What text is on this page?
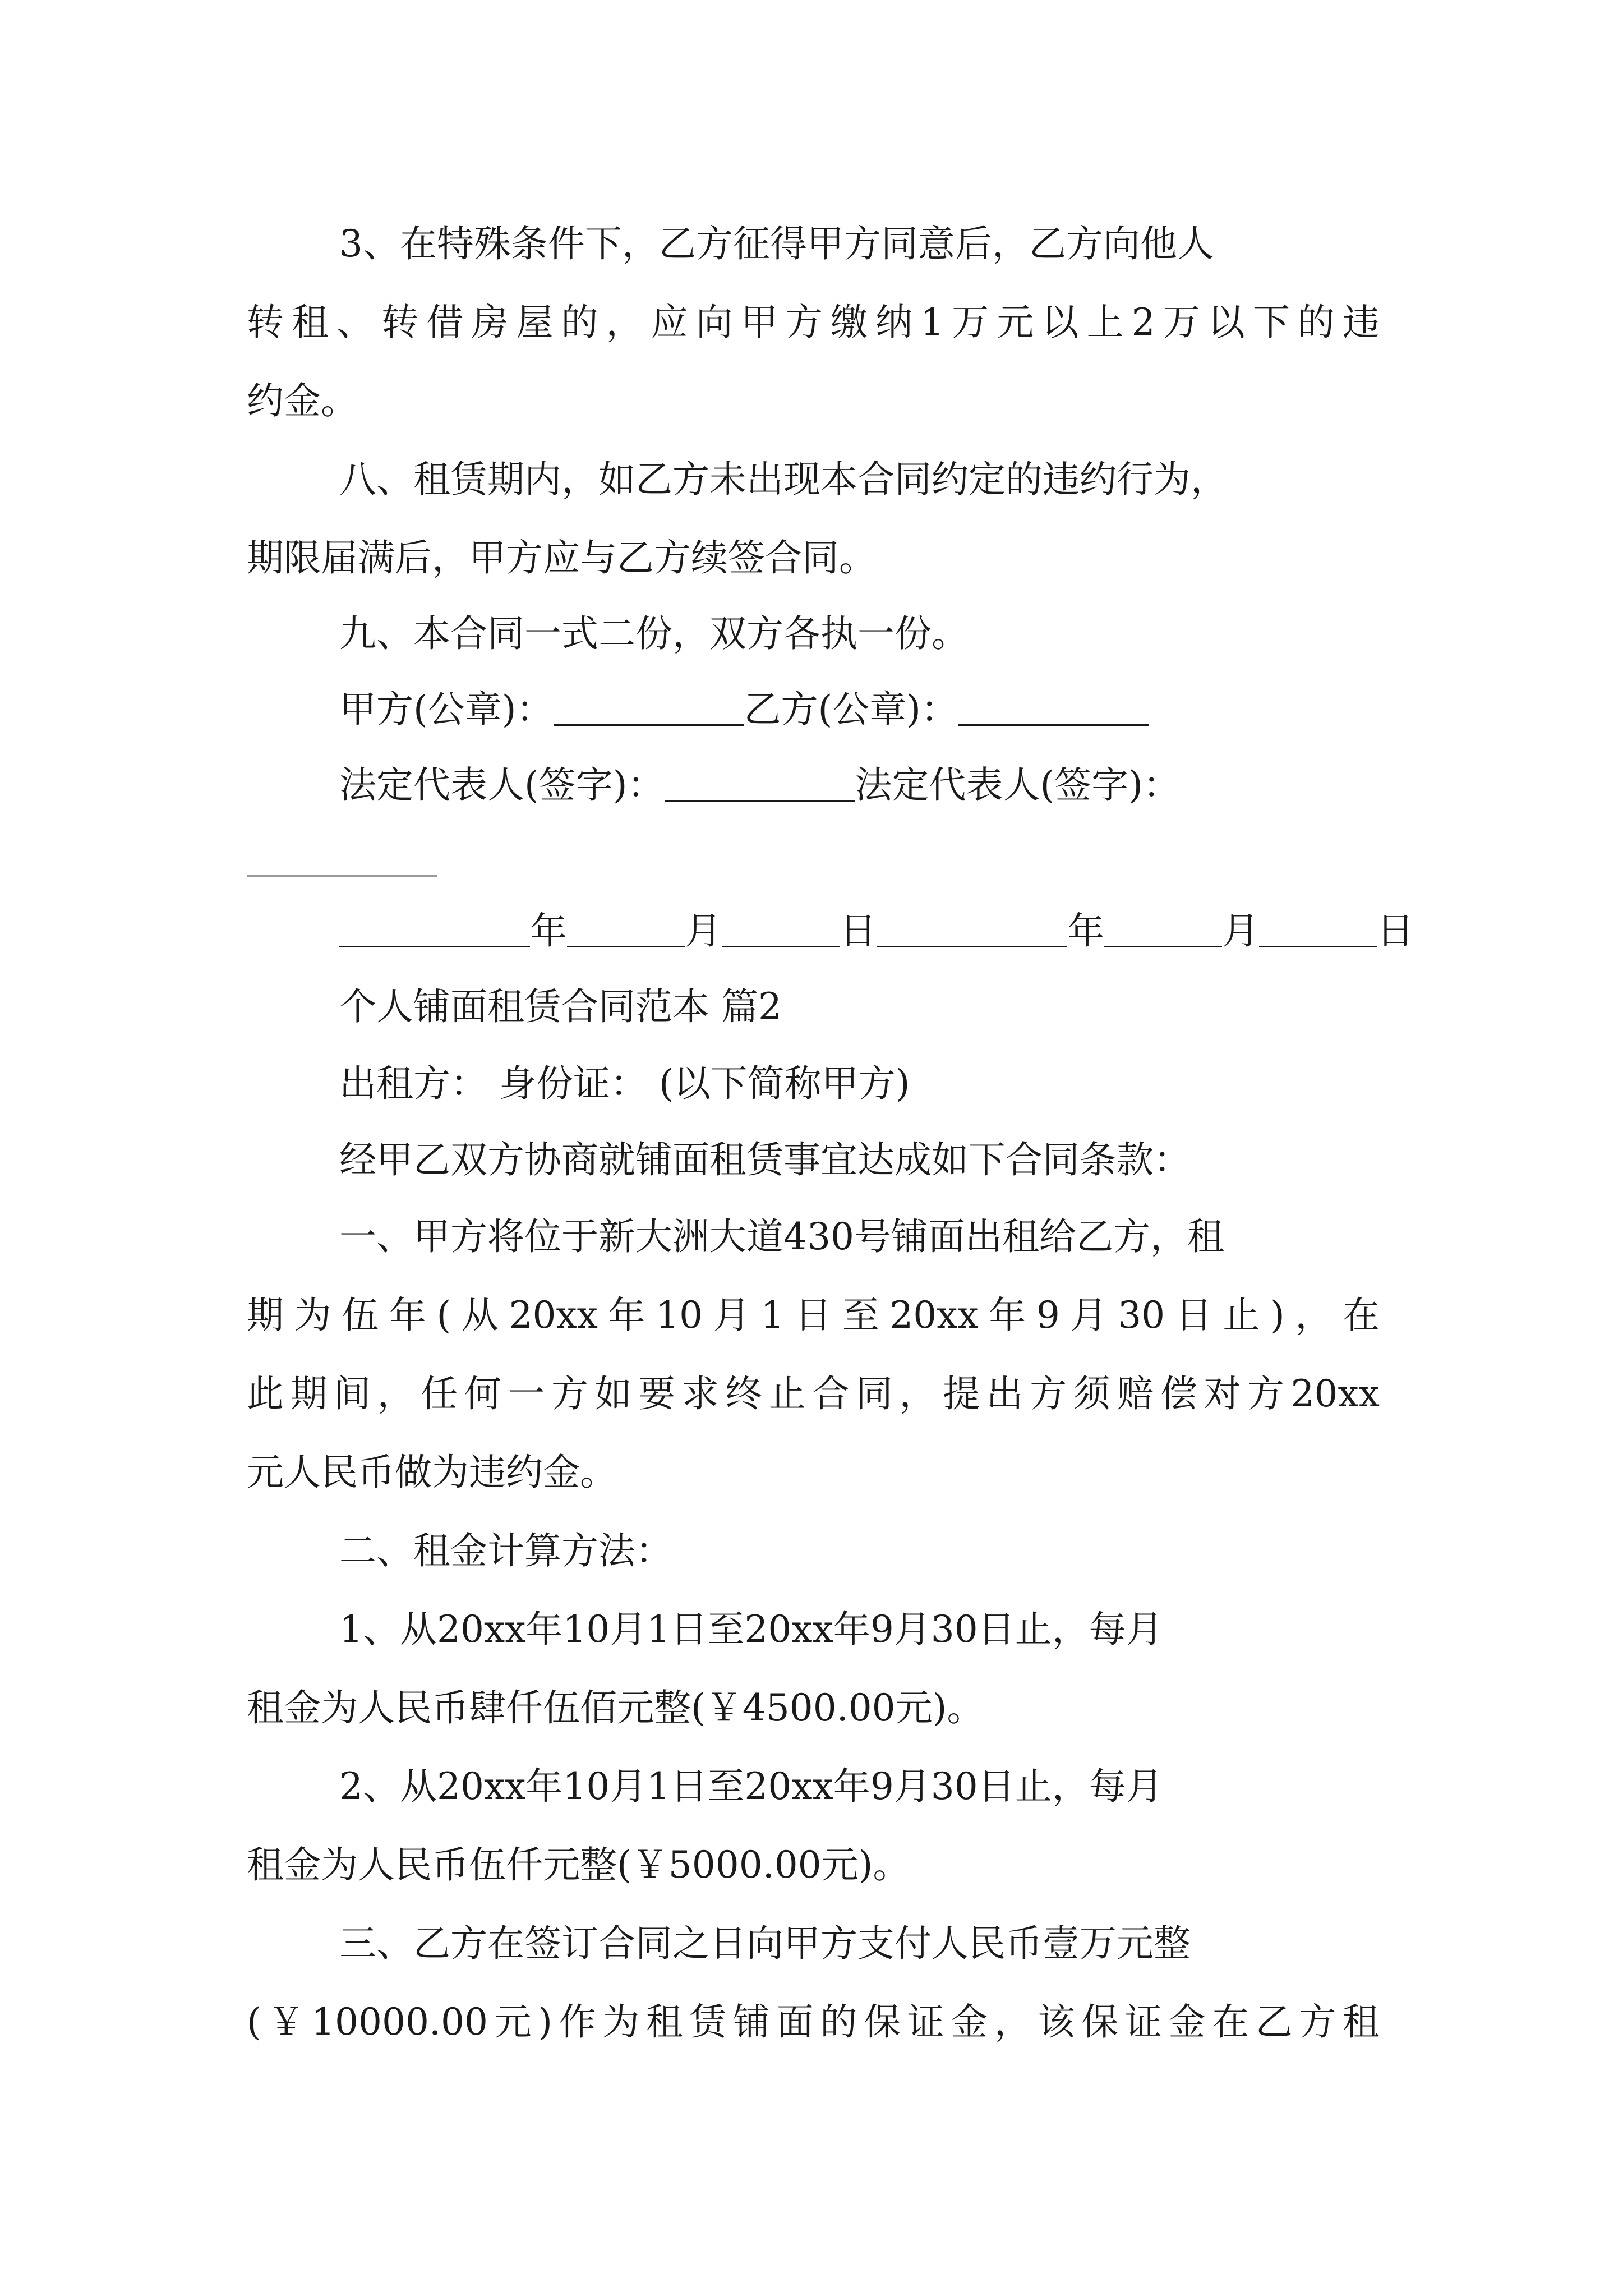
3、在特殊条件下，乙方征得甲方同意后，乙方向他人
转租、转借房屋的，应向甲方缴纳1万元以上2万以下的违
约金。
八、租赁期内，如乙方未出现本合同约定的违约行为，
期限届满后，甲方应与乙方续签合同。
九、本合同一式二份，双方各执一份。
甲方(公章)：	乙方(公章)：
法定代表人(签字)：	法定代表人(签字)：
年	月	日	年	月	日
个人铺面租赁合同范本 篇2
出租方： 身份证： (以下简称甲方)
经甲乙双方协商就铺面租赁事宜达成如下合同条款：
一、甲方将位于新大洲大道430号铺面出租给乙方，租
期为伍年(从20xx年10月1日至20xx年9月30日止)，在
此期间，任何一方如要求终止合同，提出方须赔偿对方20xx
元人民币做为违约金。
二、租金计算方法：
1、从20xx年10月1日至20xx年9月30日止，每月
租金为人民币肆仟伍佰元整(￥4500.00元)。
2、从20xx年10月1日至20xx年9月30日止，每月
租金为人民币伍仟元整(￥5000.00元)。
三、乙方在签订合同之日向甲方支付人民币壹万元整
(￥10000.00元)作为租赁铺面的保证金，该保证金在乙方租
